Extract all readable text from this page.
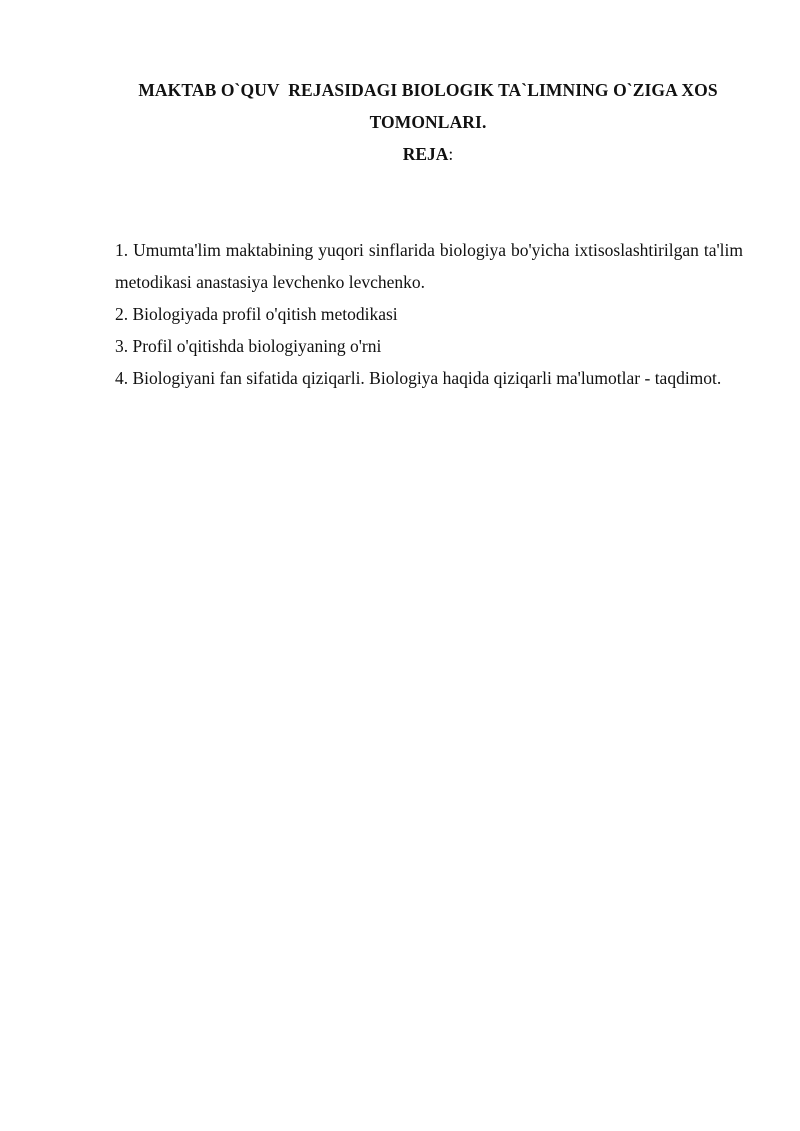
MAKTAB O`QUV  REJASIDAGI BIOLOGIK TA`LIMNING O`ZIGA XOS TOMONLARI.
REJA:

1. Umumta'lim maktabining yuqori sinflarida biologiya bo'yicha ixtisoslashtirilgan ta'lim metodikasi anastasiya levchenko levchenko.

2. Biologiyada profil o'qitish metodikasi

3. Profil o'qitishda biologiyaning o'rni

4. Biologiyani fan sifatida qiziqarli. Biologiya haqida qiziqarli ma'lumotlar - taqdimot.
